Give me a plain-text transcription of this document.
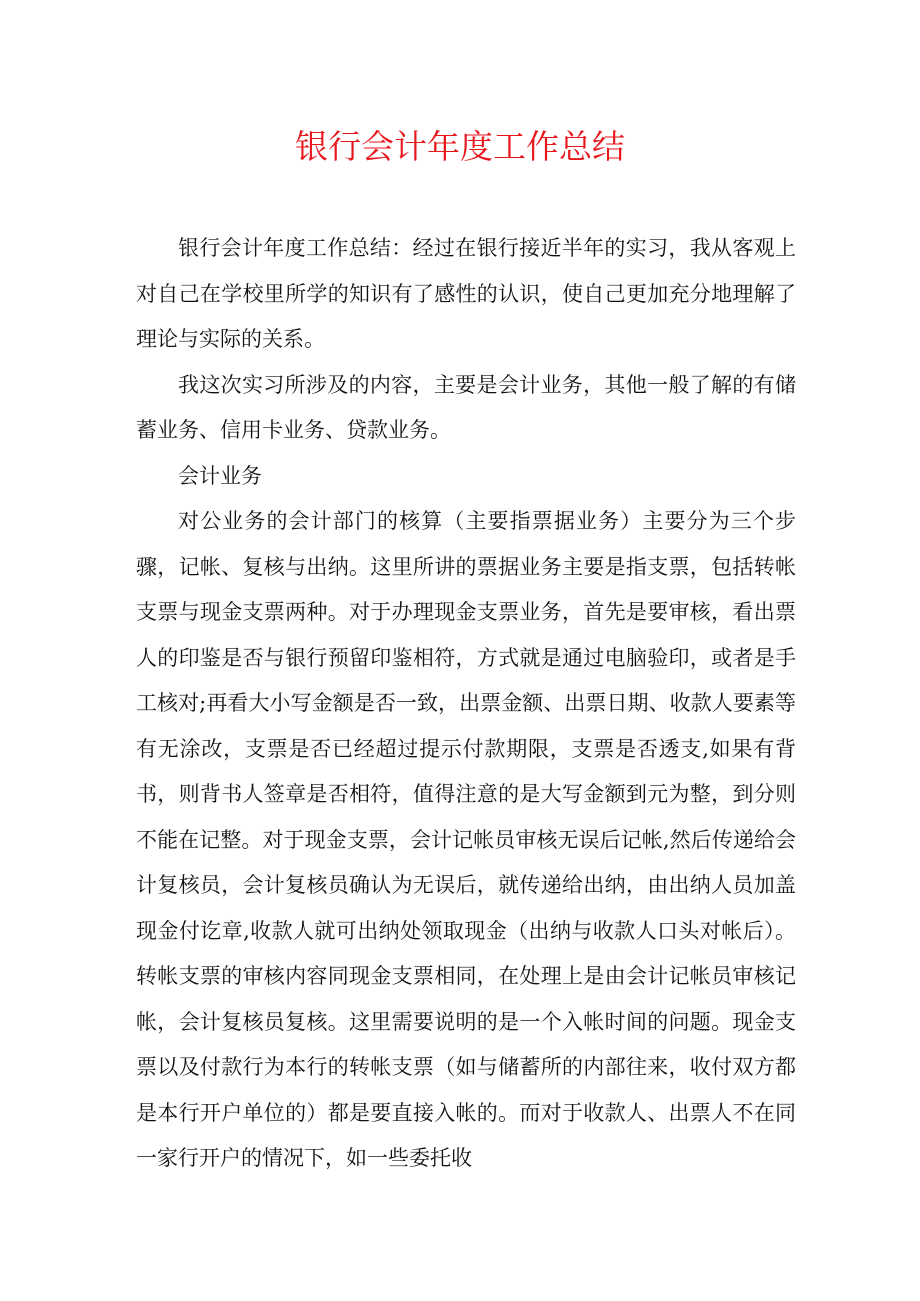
银行会计年度工作总结

银行会计年度工作总结：经过在银行接近半年的实习，我从客观上对自己在学校里所学的知识有了感性的认识，使自己更加充分地理解了理论与实际的关系。

我这次实习所涉及的内容，主要是会计业务，其他一般了解的有储蓄业务、信用卡业务、贷款业务。

会计业务

对公业务的会计部门的核算（主要指票据业务）主要分为三个步骤，记帐、复核与出纳。这里所讲的票据业务主要是指支票，包括转帐支票与现金支票两种。对于办理现金支票业务，首先是要审核，看出票人的印鉴是否与银行预留印鉴相符，方式就是通过电脑验印，或者是手工核对;再看大小写金额是否一致，出票金额、出票日期、收款人要素等有无涂改，支票是否已经超过提示付款期限，支票是否透支,如果有背书，则背书人签章是否相符，值得注意的是大写金额到元为整，到分则不能在记整。对于现金支票，会计记帐员审核无误后记帐,然后传递给会计复核员，会计复核员确认为无误后，就传递给出纳，由出纳人员加盖现金付讫章,收款人就可出纳处领取现金（出纳与收款人口头对帐后）。转帐支票的审核内容同现金支票相同，在处理上是由会计记帐员审核记帐，会计复核员复核。这里需要说明的是一个入帐时间的问题。现金支票以及付款行为本行的转帐支票（如与储蓄所的内部往来，收付双方都是本行开户单位的）都是要直接入帐的。而对于收款人、出票人不在同一家行开户的情况下，如一些委托收
